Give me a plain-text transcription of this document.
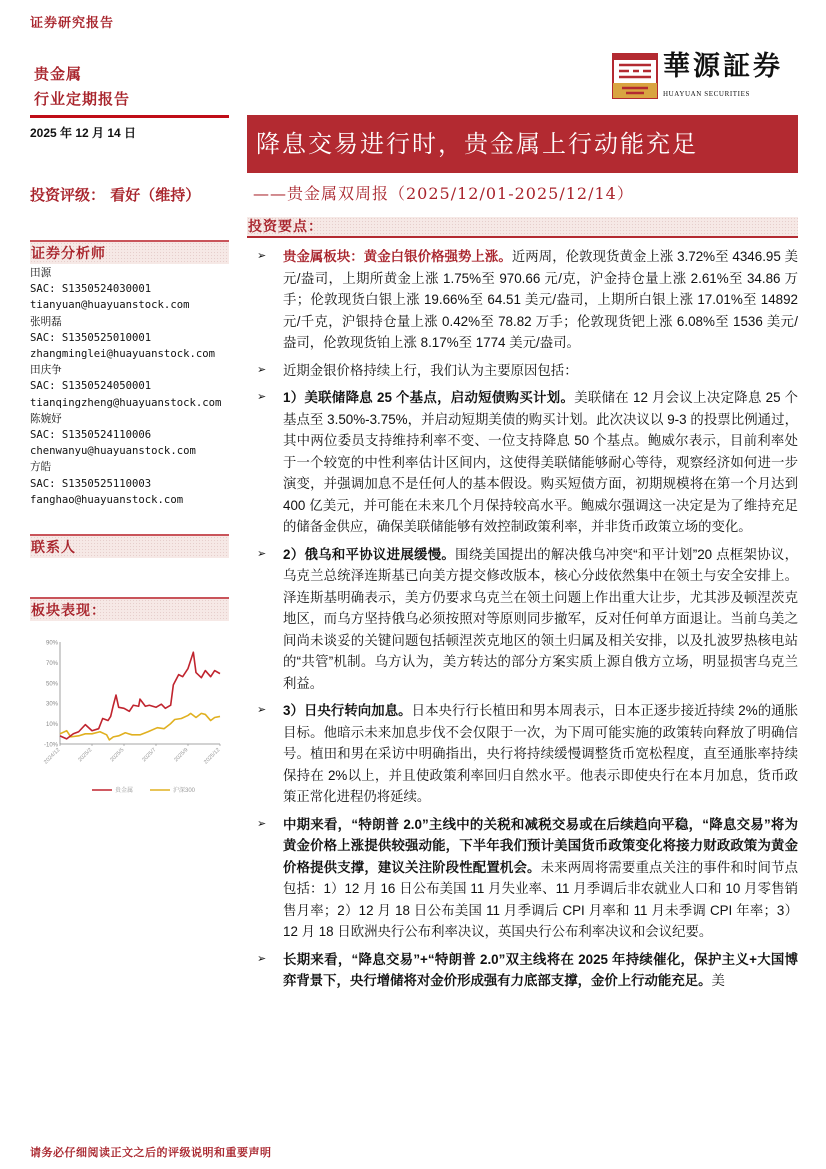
证券研究报告
贵金属
行业定期报告
2025 年 12 月 14 日
華源証券
HUAYUAN SECURITIES
降息交易进行时，贵金属上行动能充足
投资评级： 看好（维持）	——贵金属双周报（2025/12/01-2025/12/14）
投资要点：
证券分析师
田源
SAC: S1350524030001
tianyuan@huayuanstock.com
张明磊
SAC: S1350525010001
zhangminglei@huayuanstock.com
田庆争
SAC: S1350524050001
tianqingzheng@huayuanstock.com
陈婉妤
SAC: S1350524110006
chenwanyu@huayuanstock.com
方皓
SAC: S1350525110003
fanghao@huayuanstock.com
联系人
板块表现：
-10%
10%
30%
50%
70%
90%
2024/12	2025/2	2025/5	2025/7	2025/9 2025/12
贵金属	沪深300
➢ 贵金属板块：黄金白银价格强势上涨。近两周，伦敦现货黄金上涨 3.72%至 4346.95 美元/盎司，上期所黄金上涨 1.75%至 970.66 元/克，沪金持仓量上涨 2.61%至 34.86 万手；伦敦现货白银上涨 19.66%至 64.51 美元/盎司，上期所白银上涨 17.01%至 14892 元/千克，沪银持仓量上涨 0.42%至 78.82 万手；伦敦现货钯上涨 6.08%至 1536 美元/盎司，伦敦现货铂上涨 8.17%至 1774 美元/盎司。
➢ 近期金银价格持续上行，我们认为主要原因包括：
➢ 1）美联储降息 25 个基点，启动短债购买计划。美联储在 12 月会议上决定降息 25 个基点至 3.50%-3.75%，并启动短期美债的购买计划。此次决议以 9-3 的投票比例通过，其中两位委员支持维持利率不变、一位支持降息 50 个基点。鲍威尔表示，目前利率处于一个较宽的中性利率估计区间内，这使得美联储能够耐心等待，观察经济如何进一步演变，并强调加息不是任何人的基本假设。购买短债方面，初期规模将在第一个月达到 400 亿美元，并可能在未来几个月保持较高水平。鲍威尔强调这一决定是为了维持充足的储备金供应，确保美联储能够有效控制政策利率，并非货币政策立场的变化。
➢ 2）俄乌和平协议进展缓慢。围绕美国提出的解决俄乌冲突“和平计划”20 点框架协议，乌克兰总统泽连斯基已向美方提交修改版本，核心分歧依然集中在领土与安全安排上。泽连斯基明确表示，美方仍要求乌克兰在领土问题上作出重大让步，尤其涉及顿涅茨克地区，而乌方坚持俄乌必须按照对等原则同步撤军，反对任何单方面退让。当前乌美之间尚未谈妥的关键问题包括顿涅茨克地区的领土归属及相关安排，以及扎波罗热核电站的“共管”机制。乌方认为，美方转达的部分方案实质上源自俄方立场，明显损害乌克兰利益。
➢ 3）日央行转向加息。日本央行行长植田和男本周表示，日本正逐步接近持续 2%的通胀目标。他暗示未来加息步伐不会仅限于一次，为下周可能实施的政策转向释放了明确信号。植田和男在采访中明确指出，央行将持续缓慢调整货币宽松程度，直至通胀率持续保持在 2%以上，并且使政策利率回归自然水平。他表示即使央行在本月加息，货币政策正常化进程仍将延续。
➢ 中期来看，“特朗普 2.0”主线中的关税和减税交易或在后续趋向平稳，“降息交易”将为黄金价格上涨提供较强动能，下半年我们预计美国货币政策变化将接力财政政策为黄金价格提供支撑，建议关注阶段性配置机会。未来两周将需要重点关注的事件和时间节点包括：1）12 月 16 日公布美国 11 月失业率、11 月季调后非农就业人口和 10 月零售销售月率；2）12 月 18 日公布美国 11 月季调后 CPI 月率和 11 月未季调 CPI 年率；3）12 月 18 日欧洲央行公布利率决议，英国央行公布利率决议和会议纪要。
➢ 长期来看，“降息交易”+“特朗普 2.0”双主线将在 2025 年持续催化，保护主义+大国博弈背景下，央行增储将对金价形成强有力底部支撑，金价上行动能充足。美
请务必仔细阅读正文之后的评级说明和重要声明
